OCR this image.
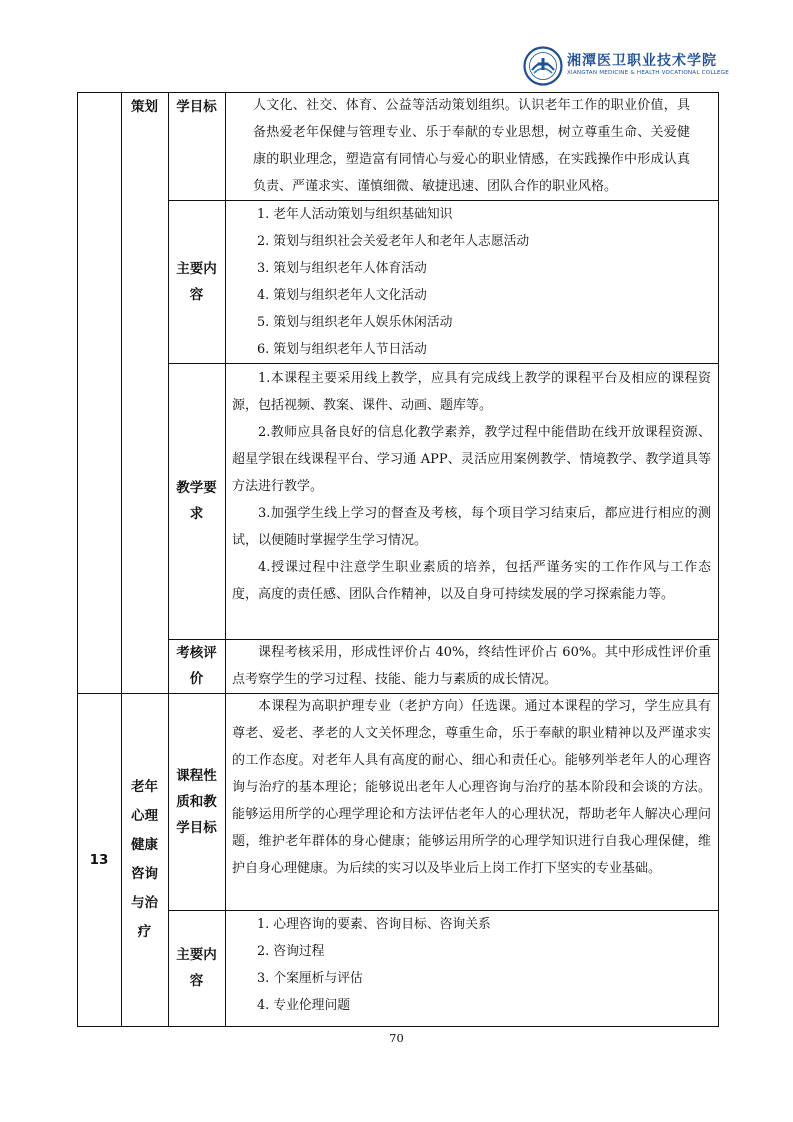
湘潭医卫职业技术学院
XIANGTAN MEDICINE & HEALTH VOCATIONAL COLLEGE
策划	学目标	人文化、社交、体育、公益等活动策划组织。认识老年工作的职业价值，具备热爱老年保健与管理专业、乐于奉献的专业思想，树立尊重生命、关爱健康的职业理念，塑造富有同情心与爱心的职业情感，在实践操作中形成认真负责、严谨求实、谨慎细微、敏捷迅速、团队合作的职业风格。

主要内容
1. 老年人活动策划与组织基础知识
2. 策划与组织社会关爱老年人和老年人志愿活动
3. 策划与组织老年人体育活动
4. 策划与组织老年人文化活动
5. 策划与组织老年人娱乐休闲活动
6. 策划与组织老年人节日活动
教学要求

1.本课程主要采用线上教学，应具有完成线上教学的课程平台及相应的课程资源，包括视频、教案、课件、动画、题库等。

2.教师应具备良好的信息化教学素养，教学过程中能借助在线开放课程资源、超星学银在线课程平台、学习通 APP、灵活应用案例教学、情境教学、教学道具等方法进行教学。

3.加强学生线上学习的督查及考核，每个项目学习结束后，都应进行相应的测试，以便随时掌握学生学习情况。

4.授课过程中注意学生职业素质的培养，包括严谨务实的工作作风与工作态度，高度的责任感、团队合作精神，以及自身可持续发展的学习探索能力等。

考核评价

课程考核采用，形成性评价占 40%，终结性评价占 60%。其中形成性评价重点考察学生的学习过程、技能、能力与素质的成长情况。

13
老年心理健康咨询与治疗
课程性质和教学目标

本课程为高职护理专业（老护方向）任选课。通过本课程的学习，学生应具有尊老、爱老、孝老的人文关怀理念，尊重生命，乐于奉献的职业精神以及严谨求实的工作态度。对老年人具有高度的耐心、细心和责任心。能够列举老年人的心理咨询与治疗的基本理论；能够说出老年人心理咨询与治疗的基本阶段和会谈的方法。能够运用所学的心理学理论和方法评估老年人的心理状况，帮助老年人解决心理问题，维护老年群体的身心健康；能够运用所学的心理学知识进行自我心理保健，维护自身心理健康。为后续的实习以及毕业后上岗工作打下坚实的专业基础。

主要内容
1. 心理咨询的要素、咨询目标、咨询关系
2. 咨询过程
3. 个案厘析与评估
4. 专业伦理问题
70
